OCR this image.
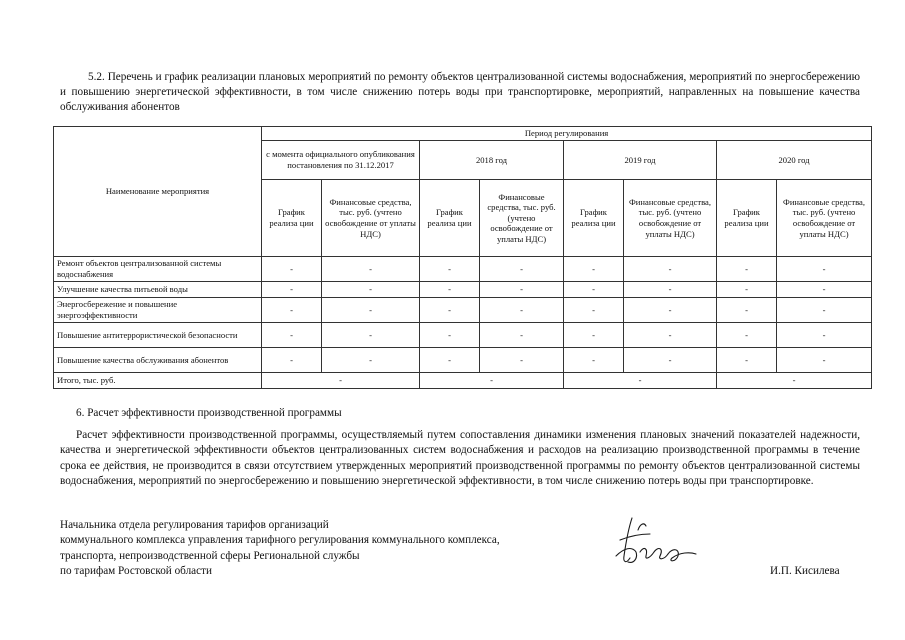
5.2. Перечень и график реализации плановых мероприятий по ремонту объектов централизованной системы водоснабжения, мероприятий по энергосбережению и повышению энергетической эффективности, в том числе снижению потерь воды при транспортировке, мероприятий, направленных на повышение качества обслуживания абонентов

Наименование мероприятия	Период регулирования							
	с момента официального опубликования постановления по 31.12.2017		2018 год		2019 год		2020 год	
	График реализа ции	Финансовые средства, тыс. руб. (учтено освобождение от уплаты НДС)	График реализа ции	Финансовые средства, тыс. руб. (учтено освобождение от уплаты НДС)	График реализа ции	Финансовые средства, тыс. руб. (учтено освобождение от уплаты НДС)	График реализа ции	Финансовые средства, тыс. руб. (учтено освобождение от уплаты НДС)
Ремонт объектов централизованной системы водоснабжения	-	-	-	-	-	-	-	-
Улучшение качества питьевой воды	-	-	-	-	-	-	-	-
Энергосбережение и повышение энергоэффективности	-	-	-	-	-	-	-	-
Повышение антитеррористической безопасности	-	-	-	-	-	-	-	-
Повышение качества обслуживания абонентов	-	-	-	-	-	-	-	-
Итого, тыс. руб.	-		-		-		-	
6. Расчет эффективности производственной программы

Расчет эффективности производственной программы, осуществляемый путем сопоставления динамики изменения плановых значений показателей надежности, качества и энергетической эффективности объектов централизованных систем водоснабжения и расходов на реализацию производственной программы в течение срока ее действия, не производится в связи отсутствием утвержденных мероприятий производственной программы по ремонту объектов централизованной системы водоснабжения, мероприятий по энергосбережению и повышению энергетической эффективности, в том числе снижению потерь воды при транспортировке.

Начальника отдела регулирования тарифов организаций
коммунального комплекса управления тарифного регулирования коммунального комплекса,
транспорта, непроизводственной сферы Региональной службы
по тарифам Ростовской области	И.П. Кисилева
